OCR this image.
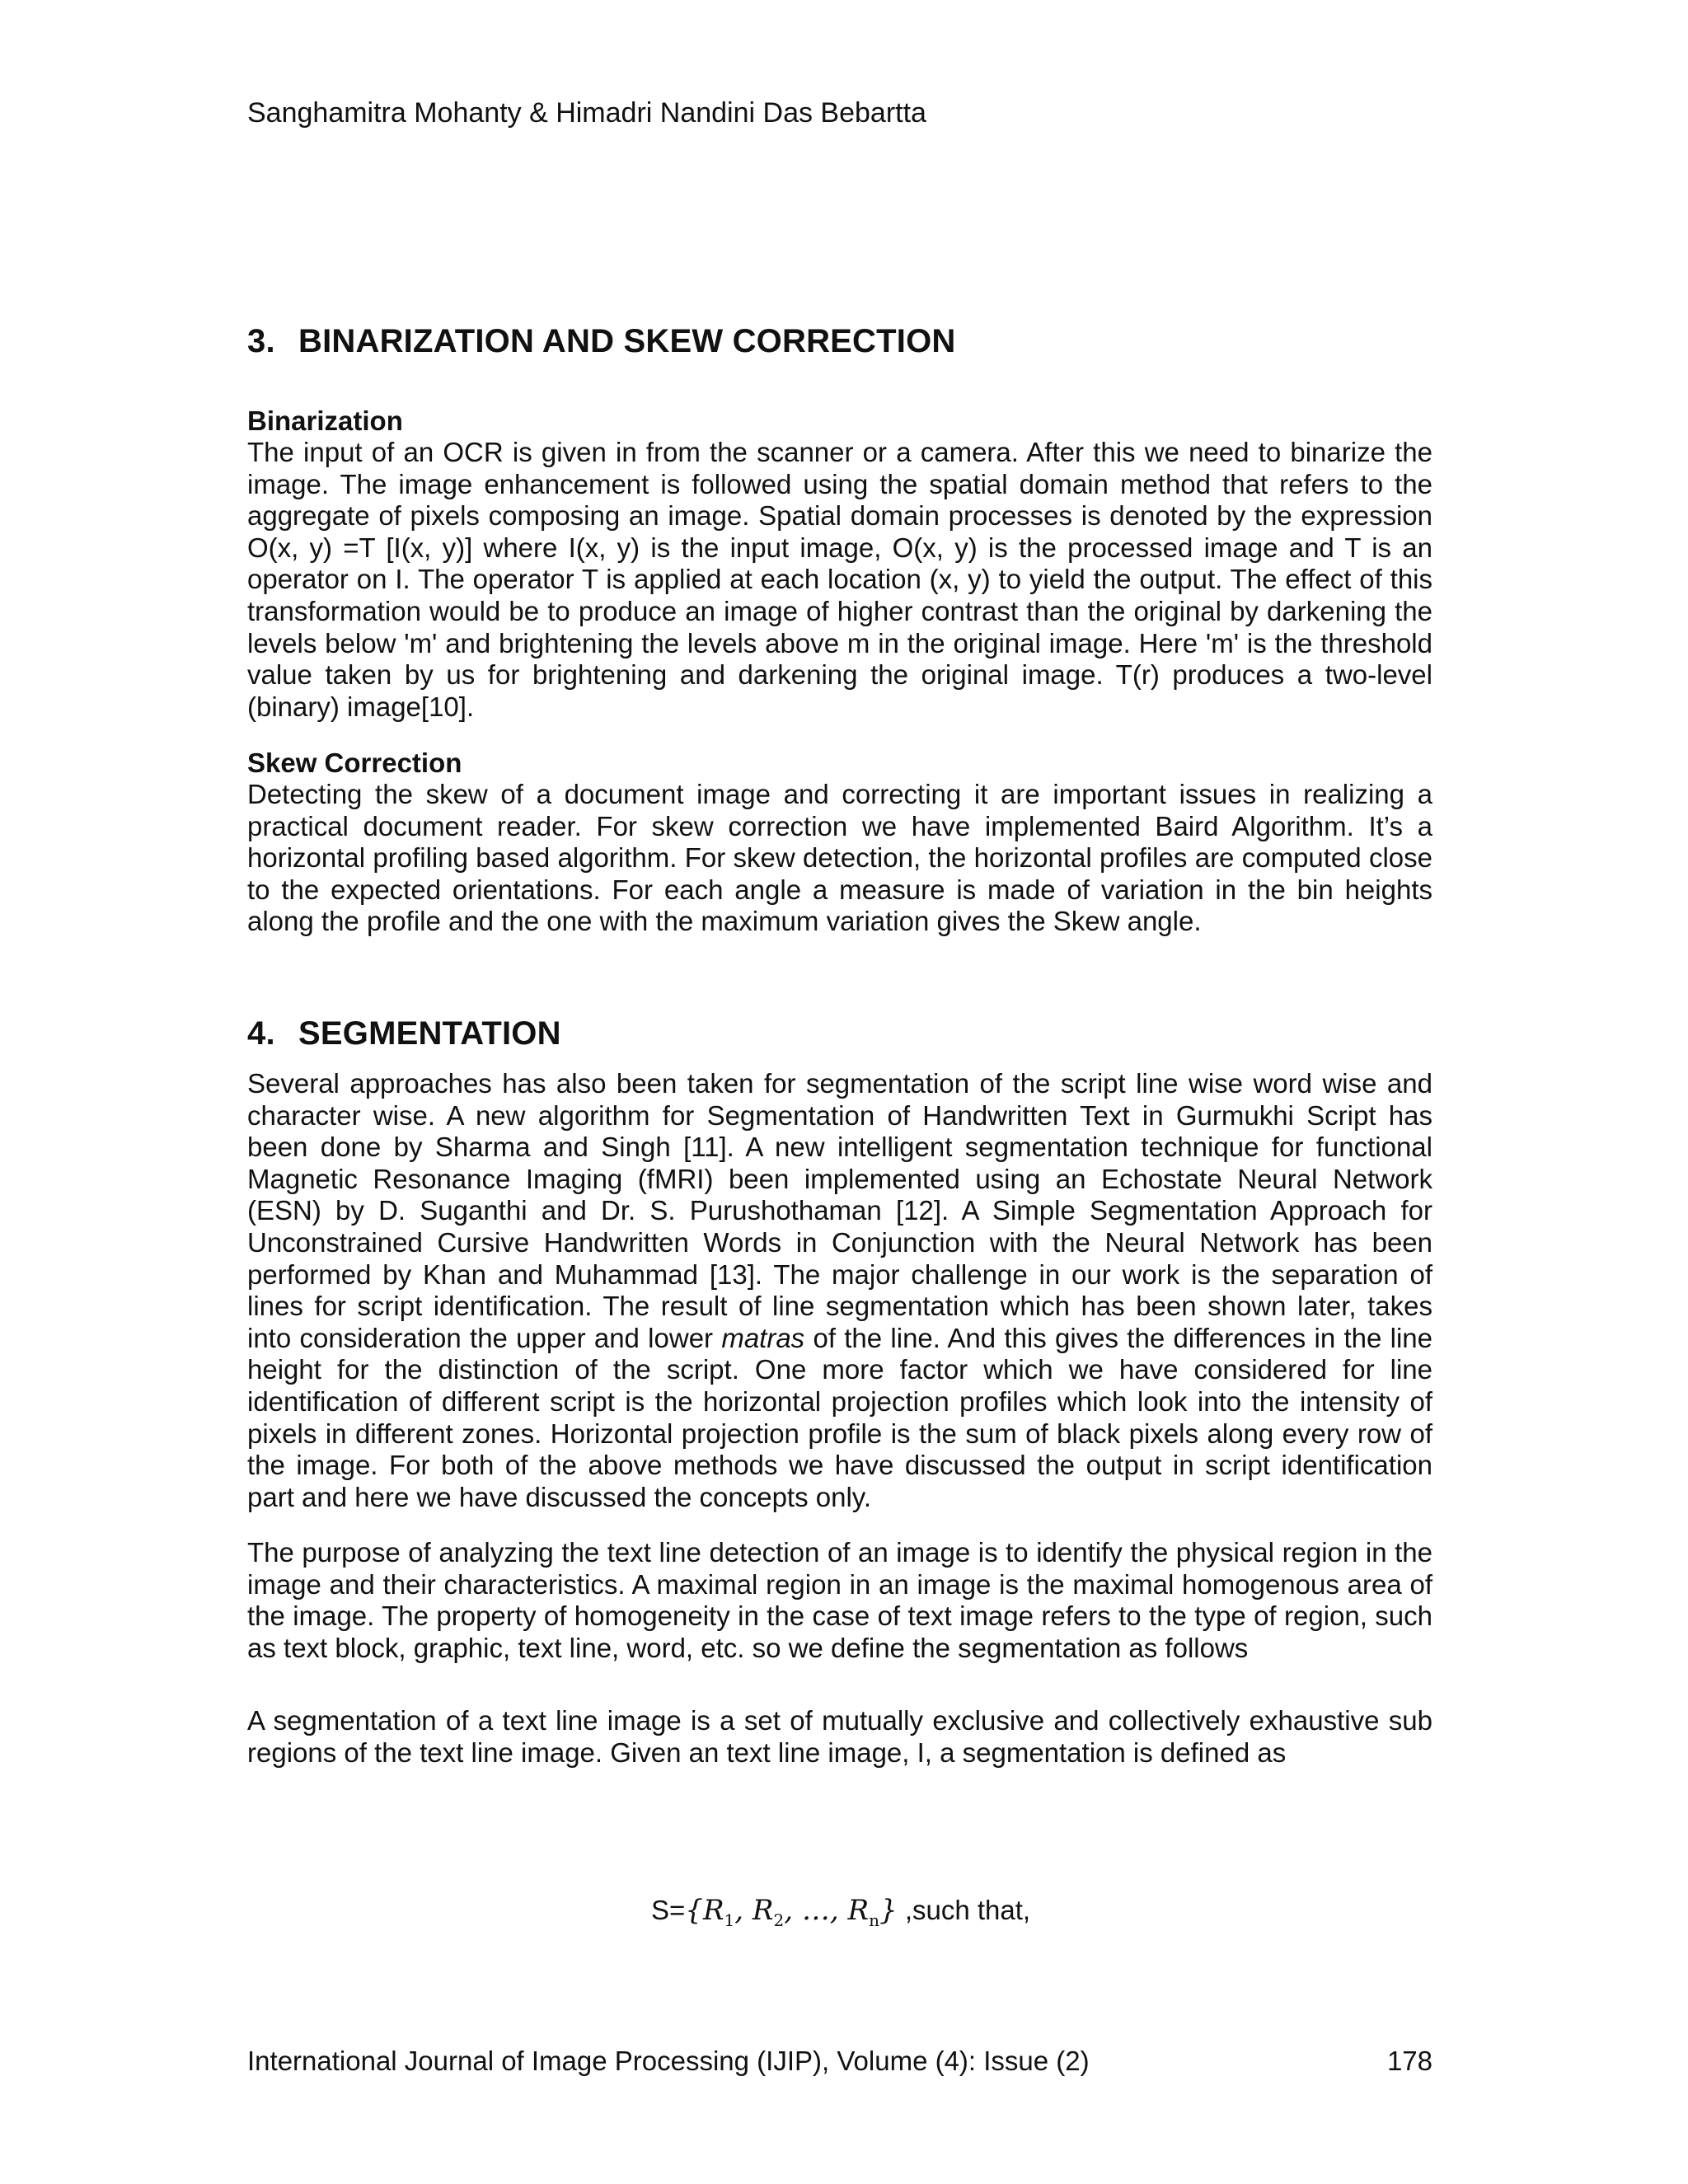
Sanghamitra Mohanty & Himadri Nandini Das Bebartta
3. BINARIZATION AND SKEW CORRECTION
Binarization

The input of an OCR is given in from the scanner or a camera. After this we need to binarize the image. The image enhancement is followed using the spatial domain method that refers to the aggregate of pixels composing an image. Spatial domain processes is denoted by the expression O(x, y) =T [I(x, y)] where I(x, y) is the input image, O(x, y) is the processed image and T is an operator on I. The operator T is applied at each location (x, y) to yield the output. The effect of this transformation would be to produce an image of higher contrast than the original by darkening the levels below 'm' and brightening the levels above m in the original image. Here 'm' is the threshold value taken by us for brightening and darkening the original image. T(r) produces a two-level (binary) image[10].

Skew Correction

Detecting the skew of a document image and correcting it are important issues in realizing a practical document reader. For skew correction we have implemented Baird Algorithm. It’s a horizontal profiling based algorithm. For skew detection, the horizontal profiles are computed close to the expected orientations. For each angle a measure is made of variation in the bin heights along the profile and the one with the maximum variation gives the Skew angle.

4. SEGMENTATION

Several approaches has also been taken for segmentation of the script line wise word wise and character wise. A new algorithm for Segmentation of Handwritten Text in Gurmukhi Script has been done by Sharma and Singh [11]. A new intelligent segmentation technique for functional Magnetic Resonance Imaging (fMRI) been implemented using an Echostate Neural Network (ESN) by D. Suganthi and Dr. S. Purushothaman [12]. A Simple Segmentation Approach for Unconstrained Cursive Handwritten Words in Conjunction with the Neural Network has been performed by Khan and Muhammad [13]. The major challenge in our work is the separation of lines for script identification. The result of line segmentation which has been shown later, takes into consideration the upper and lower matras of the line. And this gives the differences in the line height for the distinction of the script. One more factor which we have considered for line identification of different script is the horizontal projection profiles which look into the intensity of pixels in different zones. Horizontal projection profile is the sum of black pixels along every row of the image. For both of the above methods we have discussed the output in script identification part and here we have discussed the concepts only.

The purpose of analyzing the text line detection of an image is to identify the physical region in the image and their characteristics. A maximal region in an image is the maximal homogenous area of the image. The property of homogeneity in the case of text image refers to the type of region, such as text block, graphic, text line, word, etc. so we define the segmentation as follows

A segmentation of a text line image is a set of mutually exclusive and collectively exhaustive sub regions of the text line image. Given an text line image, I, a segmentation is defined as

$S=\{R_1$, $R_2$, …, $R_n$} ,such that,
International Journal of Image Processing (IJIP), Volume (4): Issue (2)	178
